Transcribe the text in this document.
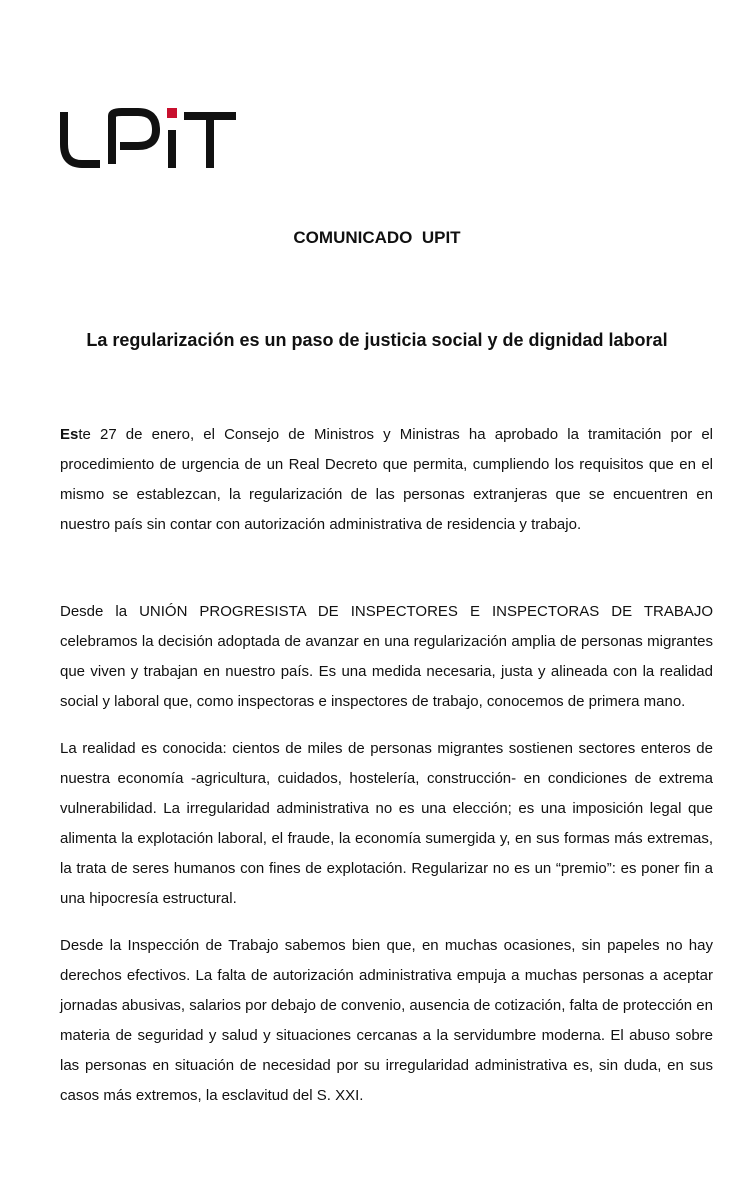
COMUNICADO  UPIT
La regularización es un paso de justicia social y de dignidad laboral

Este 27 de enero, el Consejo de Ministros y Ministras ha aprobado la tramitación por el procedimiento de urgencia de un Real Decreto que permita, cumpliendo los requisitos que en el mismo se establezcan, la regularización de las personas extranjeras que se encuentren en nuestro país sin contar con autorización administrativa de residencia y trabajo.

Desde la UNIÓN PROGRESISTA DE INSPECTORES E INSPECTORAS DE TRABAJO celebramos la decisión adoptada de avanzar en una regularización amplia de personas migrantes que viven y trabajan en nuestro país. Es una medida necesaria, justa y alineada con la realidad social y laboral que, como inspectoras e inspectores de trabajo, conocemos de primera mano.

La realidad es conocida: cientos de miles de personas migrantes sostienen sectores enteros de nuestra economía -agricultura, cuidados, hostelería, construcción- en condiciones de extrema vulnerabilidad. La irregularidad administrativa no es una elección; es una imposición legal que alimenta la explotación laboral, el fraude, la economía sumergida y, en sus formas más extremas, la trata de seres humanos con fines de explotación. Regularizar no es un “premio”: es poner fin a una hipocresía estructural.

Desde la Inspección de Trabajo sabemos bien que, en muchas ocasiones, sin papeles no hay derechos efectivos. La falta de autorización administrativa empuja a muchas personas a aceptar jornadas abusivas, salarios por debajo de convenio, ausencia de cotización, falta de protección en materia de seguridad y salud y situaciones cercanas a la servidumbre moderna. El abuso sobre las personas en situación de necesidad por su irregularidad administrativa es, sin duda, en sus casos más extremos, la esclavitud del S. XXI.
